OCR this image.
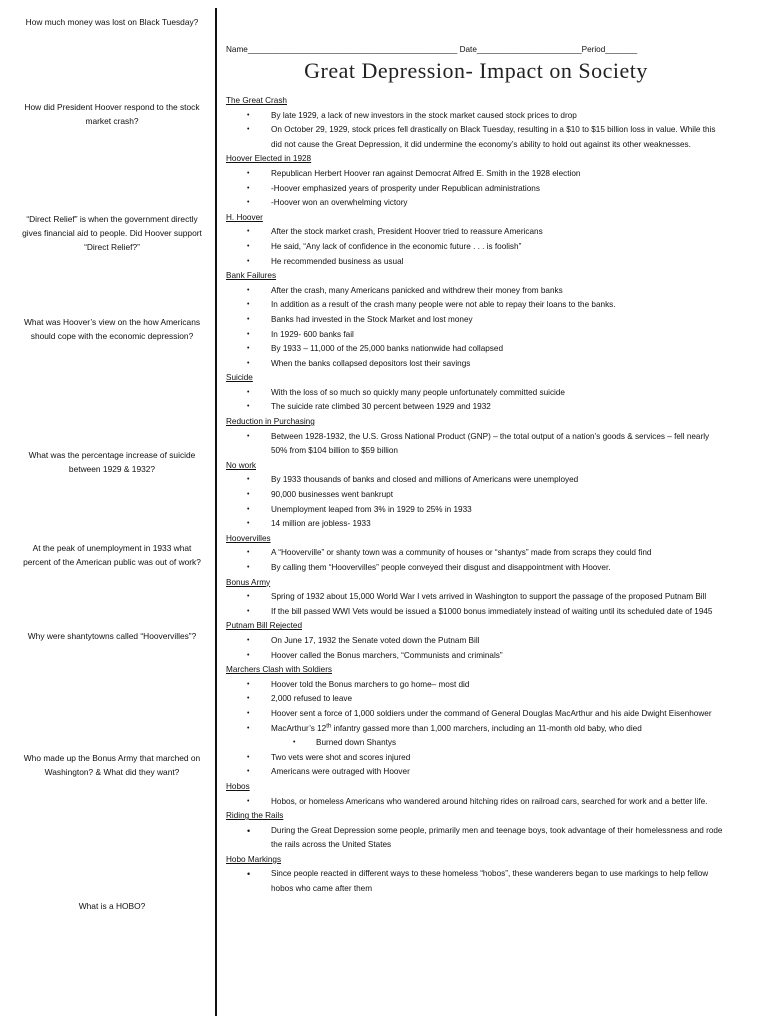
How much money was lost on Black Tuesday?

How did President Hoover respond to the stock market crash?

“Direct Relief” is when the government directly gives financial aid to people. Did Hoover support “Direct Relief?”

What was Hoover’s view on the how Americans should cope with the economic depression?

What was the percentage increase of suicide between 1929 & 1932?

At the peak of unemployment in 1933 what percent of the American public was out of work?

Why were shantytowns called “Hoovervilles”?

Who made up the Bonus Army that marched on Washington? & What did they want?

What is a HOBO?

Name______________________________________________ Date_______________________Period_______
Great Depression- Impact on Society
The Great Crash
•	By late 1929, a lack of new investors in the stock market caused stock prices to drop
•	On October 29, 1929, stock prices fell drastically on Black Tuesday, resulting in a $10 to $15 billion loss in value. While this did not cause the Great Depression, it did undermine the economy’s ability to hold out against its other weaknesses.
Hoover Elected in 1928
•	Republican Herbert Hoover ran against Democrat Alfred E. Smith in the 1928 election
•	-Hoover emphasized years of prosperity under Republican administrations
•	-Hoover won an overwhelming victory
H. Hoover
•	After the stock market crash, President Hoover tried to reassure Americans
•	He said, “Any lack of confidence in the economic future . . . is foolish”
•	He recommended business as usual
Bank Failures
•	After the crash, many Americans panicked and withdrew their money from banks
•	In addition as a result of the crash many people were not able to repay their loans to the banks.
•	Banks had invested in the Stock Market and lost money
•	In 1929- 600 banks fail
•	By 1933 – 11,000 of the 25,000 banks nationwide had collapsed
•	When the banks collapsed depositors lost their savings
Suicide
•	With the loss of so much so quickly many people unfortunately committed suicide
•	The suicide rate climbed 30 percent between 1929 and 1932
Reduction in Purchasing
•	Between 1928-1932, the U.S. Gross National Product (GNP) – the total output of a nation’s goods & services – fell nearly 50% from $104 billion to $59 billion
No work
•	By 1933 thousands of banks and closed and millions of Americans were unemployed
•	90,000 businesses went bankrupt
•	Unemployment leaped from 3% in 1929 to 25% in 1933
•	14 million are jobless- 1933
Hoovervilles
•	A “Hooverville” or shanty town was a community of houses or “shantys” made from scraps they could find
•	By calling them “Hoovervilles” people conveyed their disgust and disappointment with Hoover.
Bonus Army
•	Spring of 1932 about 15,000 World War I vets arrived in Washington to support the passage of the proposed Putnam Bill
•	If the bill passed WWI Vets would be issued a $1000 bonus immediately instead of waiting until its scheduled date of 1945
Putnam Bill Rejected
•	On June 17, 1932 the Senate voted down the Putnam Bill
•	Hoover called the Bonus marchers, “Communists and criminals”
Marchers Clash with Soldiers
•	Hoover told the Bonus marchers to go home– most did
•	2,000 refused to leave
•	Hoover sent a force of 1,000 soldiers under the command of General Douglas MacArthur and his aide Dwight Eisenhower
•	MacArthur’s 12th infantry gassed more than 1,000 marchers, including an 11-month old baby, who died
•	Burned down Shantys
•	Two vets were shot and scores injured
•	Americans were outraged with Hoover
Hobos
•	Hobos, or homeless Americans who wandered around hitching rides on railroad cars, searched for work and a better life.
Riding the Rails
•	During the Great Depression some people, primarily men and teenage boys, took advantage of their homelessness and rode the rails across the United States
Hobo Markings
•	Since people reacted in different ways to these homeless “hobos”, these wanderers began to use markings to help fellow hobos who came after them
